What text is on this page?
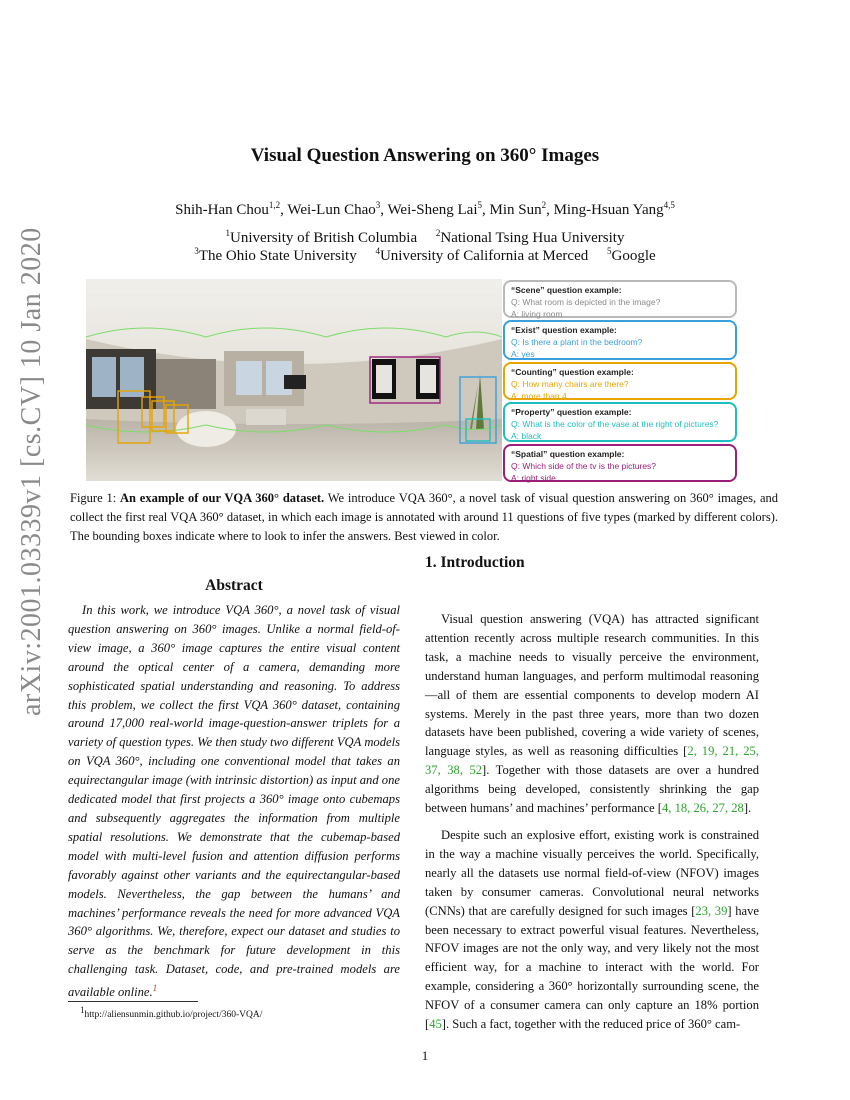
arXiv:2001.03339v1 [cs.CV] 10 Jan 2020
Visual Question Answering on 360° Images
Shih-Han Chou$^{1,2}$, Wei-Lun Chao$^3$, Wei-Sheng Lai$^5$, Min Sun$^2$, Ming-Hsuan Yang$^{4,5}$
$^1$University of British Columbia $^2$National Tsing Hua University
$^3$The Ohio State University $^4$University of California at Merced $^5$Google
“Scene” question example:
Q: What room is depicted in the image?
A: living room
“Exist” question example:
Q: Is there a plant in the bedroom?
A: yes
“Counting” question example:
Q: How many chairs are there?
A: more than 4
“Property” question example:
Q: What is the color of the vase at the right of pictures?
A: black
“Spatial” question example:
Q: Which side of the tv is the pictures?
A: right side
Figure 1: An example of our VQA 360° dataset. We introduce VQA 360°, a novel task of visual question answering on 360° images, and collect the first real VQA 360° dataset, in which each image is annotated with around 11 questions of five types (marked by different colors). The bounding boxes indicate where to look to infer the answers. Best viewed in color.
Abstract

In this work, we introduce VQA 360°, a novel task of visual question answering on 360° images. Unlike a normal field-of-view image, a 360° image captures the entire visual content around the optical center of a camera, demanding more sophisticated spatial understanding and reasoning. To address this problem, we collect the first VQA 360° dataset, containing around 17,000 real-world image-question-answer triplets for a variety of question types. We then study two different VQA models on VQA 360°, including one conventional model that takes an equirectangular image (with intrinsic distortion) as input and one dedicated model that first projects a 360° image onto cubemaps and subsequently aggregates the information from multiple spatial resolutions. We demonstrate that the cubemap-based model with multi-level fusion and attention diffusion performs favorably against other variants and the equirectangular-based models. Nevertheless, the gap between the humans’ and machines’ performance reveals the need for more advanced VQA 360° algorithms. We, therefore, expect our dataset and studies to serve as the benchmark for future development in this challenging task. Dataset, code, and pre-trained models are available online.$^1$

1. Introduction

Visual question answering (VQA) has attracted significant attention recently across multiple research communities. In this task, a machine needs to visually perceive the environment, understand human languages, and perform multimodal reasoning—all of them are essential components to develop modern AI systems. Merely in the past three years, more than two dozen datasets have been published, covering a wide variety of scenes, language styles, as well as reasoning difficulties [2, 19, 21, 25, 37, 38, 52]. Together with those datasets are over a hundred algorithms being developed, consistently shrinking the gap between humans’ and machines’ performance [4, 18, 26, 27, 28].

Despite such an explosive effort, existing work is constrained in the way a machine visually perceives the world. Specifically, nearly all the datasets use normal field-of-view (NFOV) images taken by consumer cameras. Convolutional neural networks (CNNs) that are carefully designed for such images [23, 39] have been necessary to extract powerful visual features. Nevertheless, NFOV images are not the only way, and very likely not the most efficient way, for a machine to interact with the world. For example, considering a 360° horizontally surrounding scene, the NFOV of a consumer camera can only capture an 18% portion [45]. Such a fact, together with the reduced price of 360° cam-

$^1$http://aliensunmin.github.io/project/360-VQA/
1
